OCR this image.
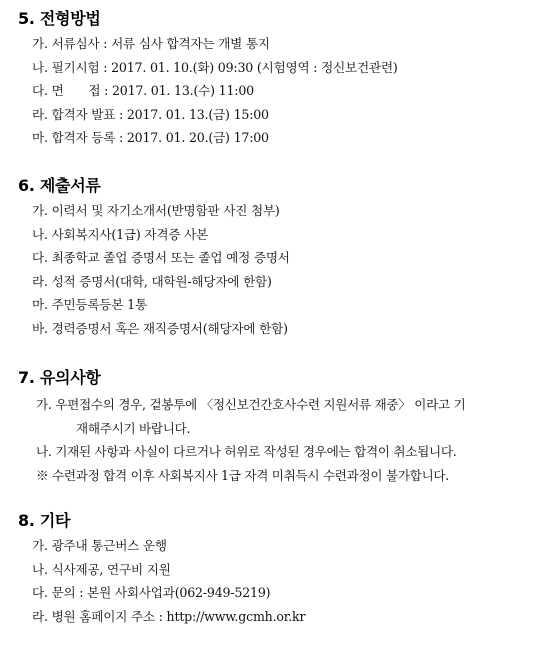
5. 전형방법
가. 서류심사 : 서류 심사 합격자는 개별 통지
나. 필기시험 : 2017. 01. 10.(화) 09:30 (시험영역 : 정신보건관련)
다. 면　　접 : 2017. 01. 13.(수) 11:00
라. 합격자 발표 : 2017. 01. 13.(금) 15:00
마. 합격자 등록 : 2017. 01. 20.(금) 17:00
6. 제출서류
가. 이력서 및 자기소개서(반명함판 사진 첨부)
나. 사회복지사(1급) 자격증 사본
다. 최종학교 졸업 증명서 또는 졸업 예정 증명서
라. 성적 증명서(대학, 대학원-해당자에 한함)
마. 주민등록등본 1통
바. 경력증명서 혹은 재직증명서(해당자에 한함)
7. 유의사항
가. 우편접수의 경우, 겉봉투에 〈정신보건간호사수련 지원서류 재중〉 이라고 기
재해주시기 바랍니다.
나. 기재된 사항과 사실이 다르거나 허위로 작성된 경우에는 합격이 취소됩니다.
※ 수련과정 합격 이후 사회복지사 1급 자격 미취득시 수련과정이 불가합니다.
8. 기타
가. 광주내 통근버스 운행
나. 식사제공, 연구비 지원
다. 문의 : 본원 사회사업과(062-949-5219)
라. 병원 홈페이지 주소 : http://www.gcmh.or.kr
